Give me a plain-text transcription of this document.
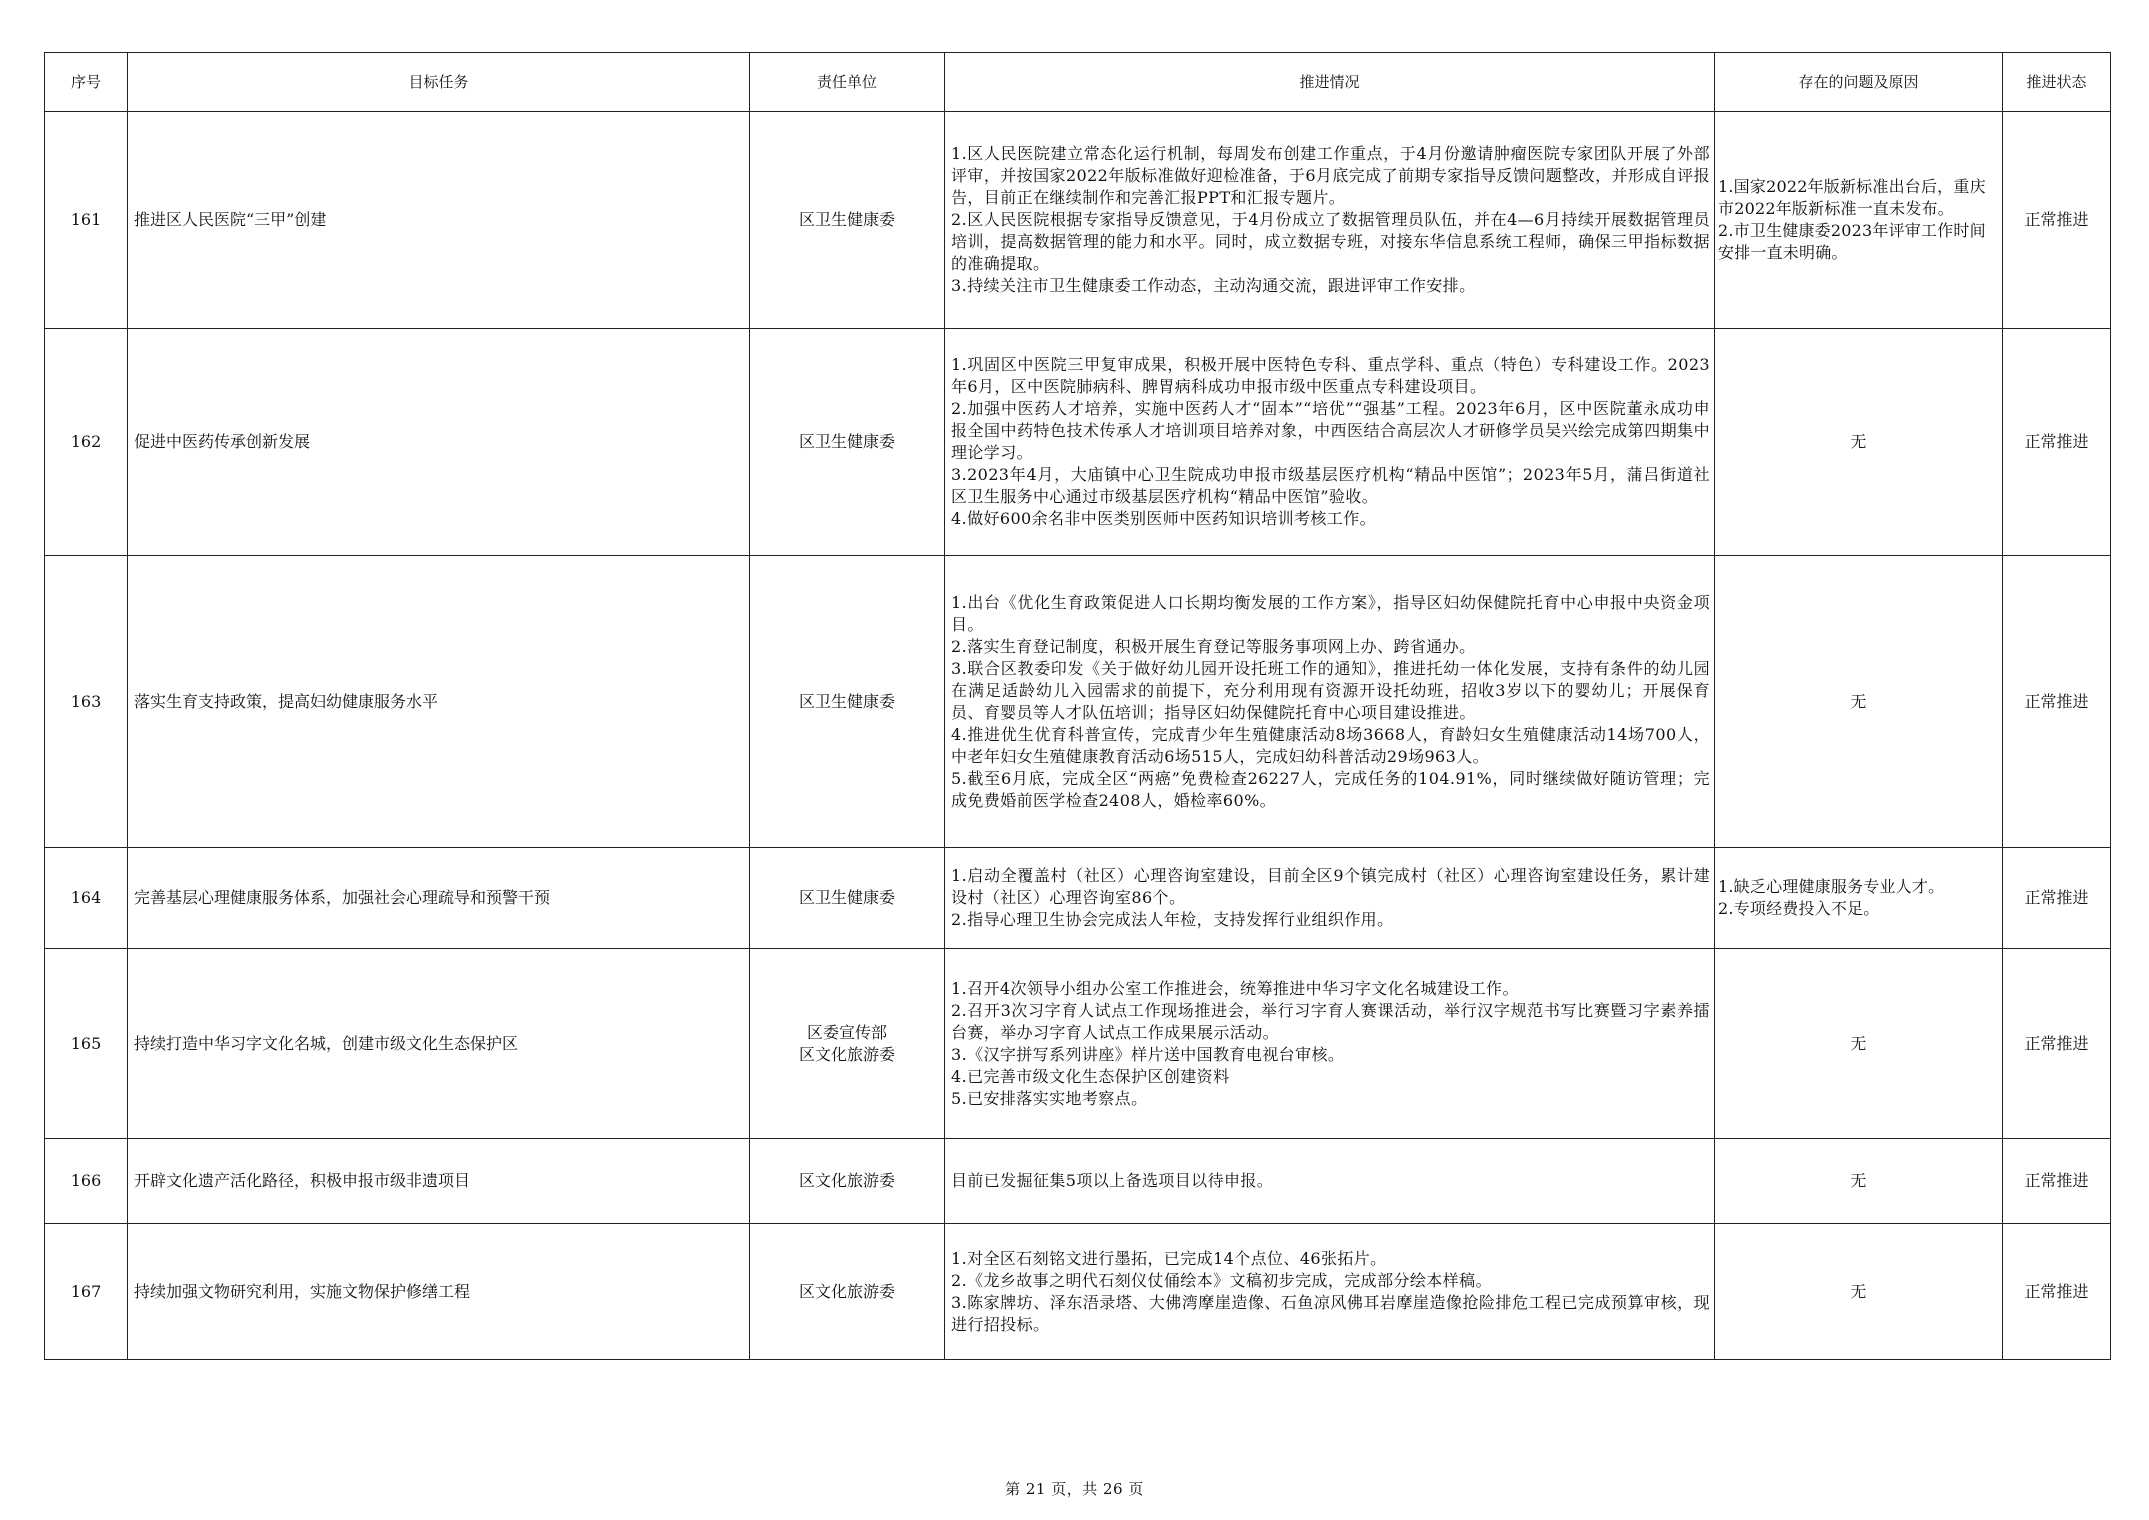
序号	目标任务	责任单位	推进情况	存在的问题及原因	推进状态
161	推进区人民医院“三甲”创建	区卫生健康委	1.区人民医院建立常态化运行机制，每周发布创建工作重点，于4月份邀请肿瘤医院专家团队开展了外部评审，并按国家2022年版标准做好迎检准备，于6月底完成了前期专家指导反馈问题整改，并形成自评报告，目前正在继续制作和完善汇报PPT和汇报专题片。
2.区人民医院根据专家指导反馈意见，于4月份成立了数据管理员队伍，并在4—6月持续开展数据管理员培训，提高数据管理的能力和水平。同时，成立数据专班，对接东华信息系统工程师，确保三甲指标数据的准确提取。
3.持续关注市卫生健康委工作动态，主动沟通交流，跟进评审工作安排。	1.国家2022年版新标准出台后，重庆市2022年版新标准一直未发布。
2.市卫生健康委2023年评审工作时间安排一直未明确。	正常推进
162	促进中医药传承创新发展	区卫生健康委	1.巩固区中医院三甲复审成果，积极开展中医特色专科、重点学科、重点（特色）专科建设工作。2023年6月，区中医院肺病科、脾胃病科成功申报市级中医重点专科建设项目。
2.加强中医药人才培养，实施中医药人才“固本”“培优”“强基”工程。2023年6月，区中医院董永成功申报全国中药特色技术传承人才培训项目培养对象，中西医结合高层次人才研修学员吴兴绘完成第四期集中理论学习。
3.2023年4月，大庙镇中心卫生院成功申报市级基层医疗机构“精品中医馆”；2023年5月，蒲吕街道社区卫生服务中心通过市级基层医疗机构“精品中医馆”验收。
4.做好600余名非中医类别医师中医药知识培训考核工作。	无	正常推进
163	落实生育支持政策，提高妇幼健康服务水平	区卫生健康委	1.出台《优化生育政策促进人口长期均衡发展的工作方案》，指导区妇幼保健院托育中心申报中央资金项目。
2.落实生育登记制度，积极开展生育登记等服务事项网上办、跨省通办。
3.联合区教委印发《关于做好幼儿园开设托班工作的通知》，推进托幼一体化发展，支持有条件的幼儿园在满足适龄幼儿入园需求的前提下，充分利用现有资源开设托幼班，招收3岁以下的婴幼儿；开展保育员、育婴员等人才队伍培训；指导区妇幼保健院托育中心项目建设推进。
4.推进优生优育科普宣传，完成青少年生殖健康活动8场3668人，育龄妇女生殖健康活动14场700人，中老年妇女生殖健康教育活动6场515人，完成妇幼科普活动29场963人。
5.截至6月底，完成全区“两癌”免费检查26227人，完成任务的104.91%，同时继续做好随访管理；完成免费婚前医学检查2408人，婚检率60%。	无	正常推进
164	完善基层心理健康服务体系，加强社会心理疏导和预警干预	区卫生健康委	1.启动全覆盖村（社区）心理咨询室建设，目前全区9个镇完成村（社区）心理咨询室建设任务，累计建设村（社区）心理咨询室86个。
2.指导心理卫生协会完成法人年检，支持发挥行业组织作用。	1.缺乏心理健康服务专业人才。
2.专项经费投入不足。	正常推进
165	持续打造中华习字文化名城，创建市级文化生态保护区	区委宣传部
区文化旅游委	1.召开4次领导小组办公室工作推进会，统筹推进中华习字文化名城建设工作。
2.召开3次习字育人试点工作现场推进会，举行习字育人赛课活动，举行汉字规范书写比赛暨习字素养擂台赛，举办习字育人试点工作成果展示活动。
3.《汉字拼写系列讲座》样片送中国教育电视台审核。
4.已完善市级文化生态保护区创建资料
5.已安排落实实地考察点。	无	正常推进
166	开辟文化遗产活化路径，积极申报市级非遗项目	区文化旅游委	目前已发掘征集5项以上备选项目以待申报。	无	正常推进
167	持续加强文物研究利用，实施文物保护修缮工程	区文化旅游委	1.对全区石刻铭文进行墨拓，已完成14个点位、46张拓片。
2.《龙乡故事之明代石刻仪仗俑绘本》文稿初步完成，完成部分绘本样稿。
3.陈家牌坊、泽东浯录塔、大佛湾摩崖造像、石鱼凉风佛耳岩摩崖造像抢险排危工程已完成预算审核，现进行招投标。	无	正常推进
第 21 页，共 26 页
